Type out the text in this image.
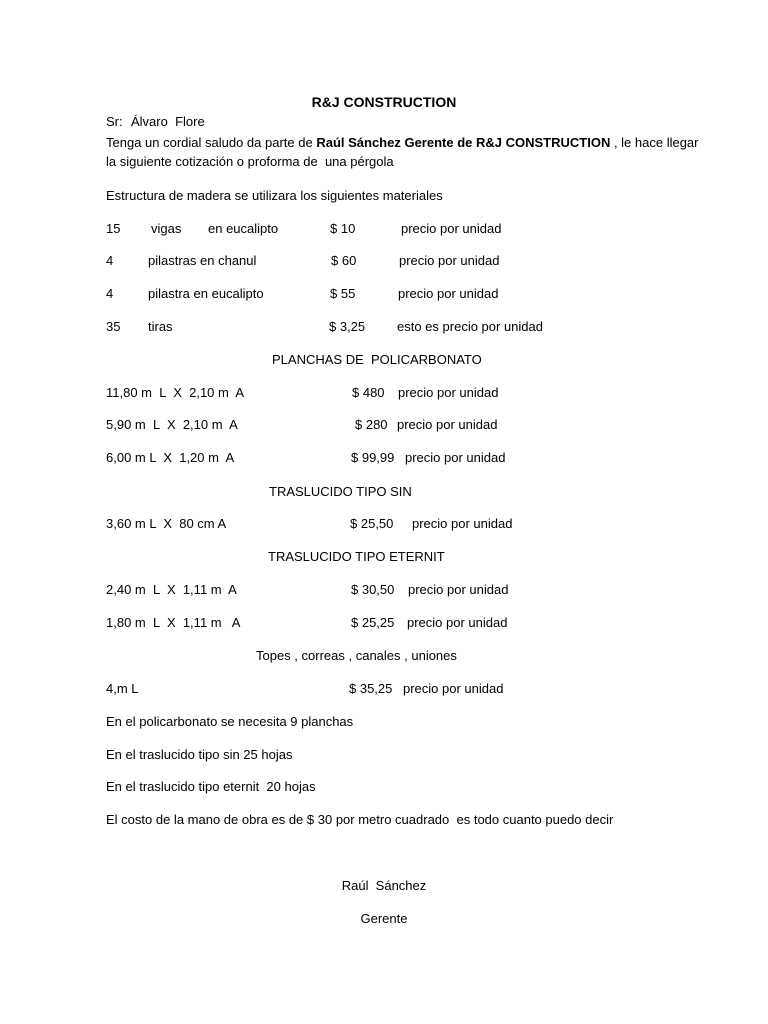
R&J CONSTRUCTION
Sr: Álvaro  Flore
Tenga un cordial saludo da parte de Raúl Sánchez Gerente de R&J CONSTRUCTION , le hace llegar
la siguiente cotización o proforma de  una pérgola
Estructura de madera se utilizara los siguientes materiales
15 vigas en eucalipto	$ 10	precio por unidad
4	pilastras en chanul	$ 60	precio por unidad
4	pilastra en eucalipto	$ 55	precio por unidad
35 tiras	$ 3,25 esto es precio por unidad
PLANCHAS DE  POLICARBONATO
11,80 m  L  X  2,10 m  A	$ 480 precio por unidad
5,90 m  L  X  2,10 m  A	$ 280 precio por unidad
6,00 m L  X  1,20 m  A	$ 99,99 precio por unidad
TRASLUCIDO TIPO SIN
3,60 m L  X  80 cm A	$ 25,50 precio por unidad
TRASLUCIDO TIPO ETERNIT
2,40 m  L  X  1,11 m  A	$ 30,50 precio por unidad
1,80 m  L  X  1,11 m   A	$ 25,25 precio por unidad
Topes , correas , canales , uniones
4,m L	$ 35,25 precio por unidad
En el policarbonato se necesita 9 planchas
En el traslucido tipo sin 25 hojas
En el traslucido tipo eternit  20 hojas
El costo de la mano de obra es de $ 30 por metro cuadrado  es todo cuanto puedo decir
Raúl  Sánchez
Gerente
